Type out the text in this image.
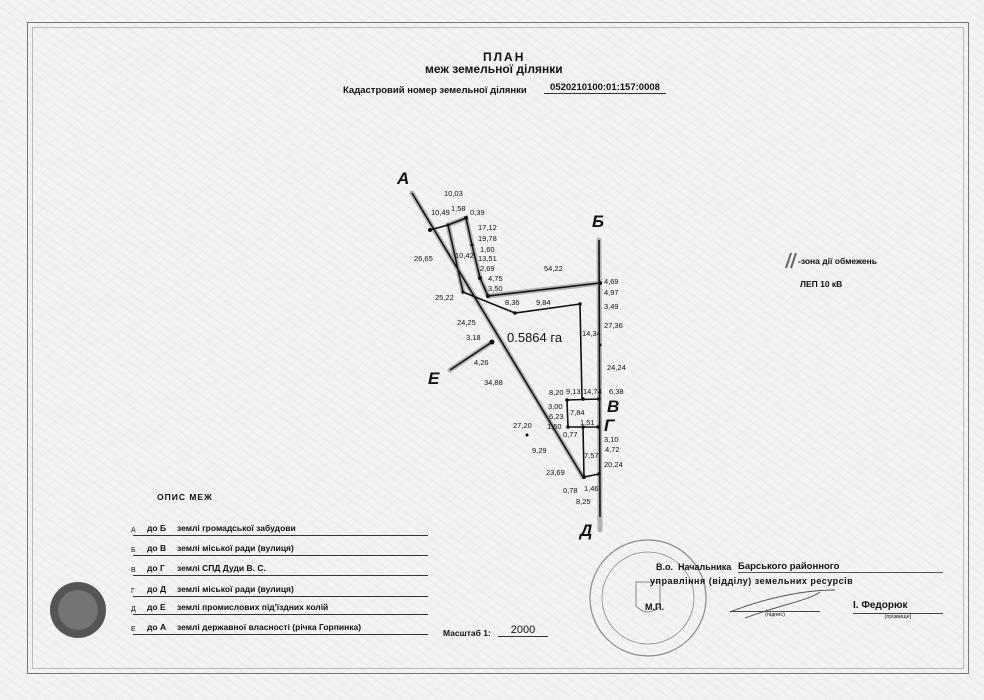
ПЛАН
меж земельної ділянки
Кадастровий номер земельної ділянки	0520210100:01:157:0008
А
Б
В
Г
Д
Е
0.5864 га
10,03
10,49 1,58 0,39
17,12
19,78
1,60
13,51
2,69
4,75
3,50
10,42
26,65
25,22
8,36 9,84
54,22
4,69
4,97
3,49
27,36
14,34
24,25
3,18
4,26
24,24
34,88
8,20 9,13 14,74 6,38
3,00
7,84
6,23
1,51
27,20 1,50
0,77
3,10
4,72
9,29
7,57
20,24
23,69
0,78 1,46
8,25
-зона дії обмежень
ЛЕП 10 кВ
ОПИС МЕЖ
А до Б землі громадської забудови
Б до В землі міської ради (вулиця)
В до Г землі СПД Дуди В. С.
Г до Д землі міської ради (вулиця)
Д до Е землі промислових під'їздних колій
Е до А землі державної власності (річка Горпинка)
Масштаб 1:	2000
В.о. Начальника Барського районного
управління (відділу) земельних ресурсів
М.П.
(підпис)
І. Федорюк
(прізвище)
